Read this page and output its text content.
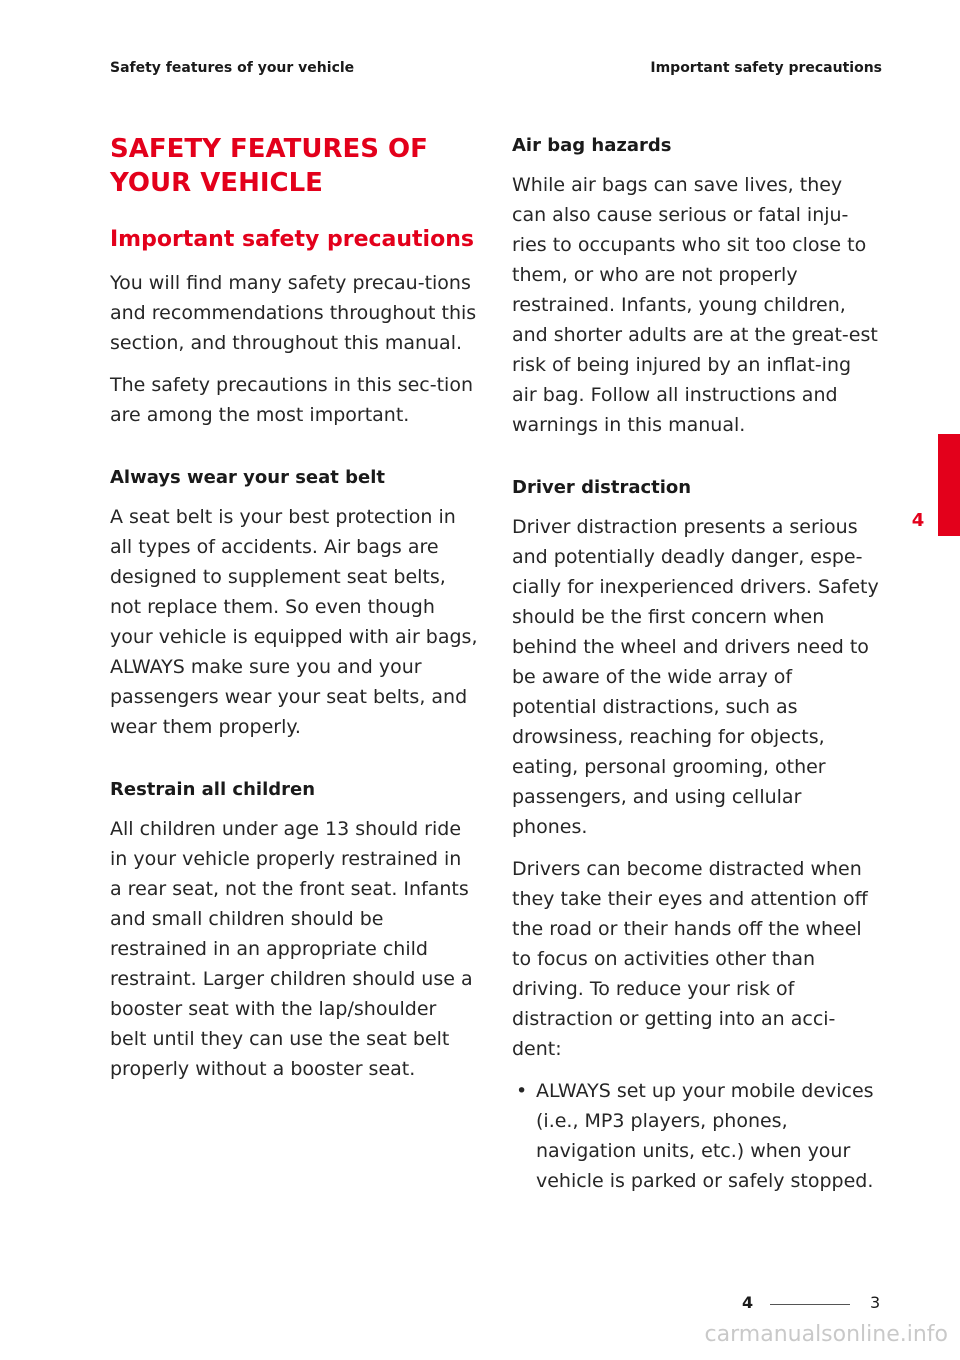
Safety features of your vehicle	Important safety precautions
SAFETY FEATURES OF YOUR VEHICLE
Important safety precautions

You will find many safety precau-tions and recommendations throughout this section, and throughout this manual.

The safety precautions in this sec-tion are among the most important.

Always wear your seat belt

A seat belt is your best protection in all types of accidents. Air bags are designed to supplement seat belts, not replace them. So even though your vehicle is equipped with air bags, ALWAYS make sure you and your passengers wear your seat belts, and wear them properly.

Restrain all children

All children under age 13 should ride in your vehicle properly restrained in a rear seat, not the front seat. Infants and small children should be restrained in an appropriate child restraint. Larger children should use a booster seat with the lap/shoulder belt until they can use the seat belt properly without a booster seat.

Air bag hazards

While air bags can save lives, they can also cause serious or fatal inju-ries to occupants who sit too close to them, or who are not properly restrained. Infants, young children, and shorter adults are at the great-est risk of being injured by an inflat-ing air bag. Follow all instructions and warnings in this manual.

Driver distraction

Driver distraction presents a serious and potentially deadly danger, espe-cially for inexperienced drivers. Safety should be the first concern when behind the wheel and drivers need to be aware of the wide array of potential distractions, such as drowsiness, reaching for objects, eating, personal grooming, other passengers, and using cellular phones.

Drivers can become distracted when they take their eyes and attention off the road or their hands off the wheel to focus on activities other than driving. To reduce your risk of distraction or getting into an acci-dent:

• ALWAYS set up your mobile devices (i.e., MP3 players, phones, navigation units, etc.) when your vehicle is parked or safely stopped.
4
4	3
carmanualsonline.info
